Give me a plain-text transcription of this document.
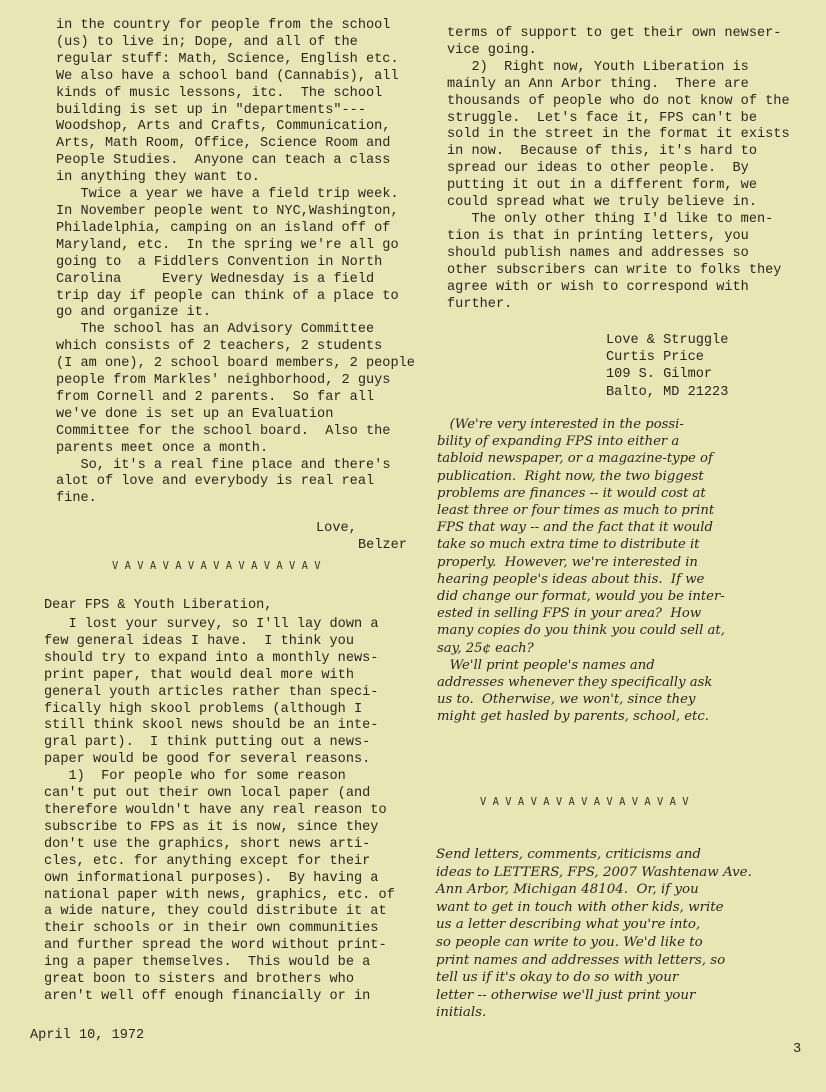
in the country for people from the school
(us) to live in; Dope, and all of the
regular stuff: Math, Science, English etc.
We also have a school band (Cannabis), all
kinds of music lessons, itc.  The school
building is set up in "departments"---
Woodshop, Arts and Crafts, Communication,
Arts, Math Room, Office, Science Room and
People Studies.  Anyone can teach a class
in anything they want to.
Twice a year we have a field trip week.
In November people went to NYC,Washington,
Philadelphia, camping on an island off of
Maryland, etc.  In the spring we're all go
going to  a Fiddlers Convention in North
Carolina     Every Wednesday is a field
trip day if people can think of a place to
go and organize it.
The school has an Advisory Committee
which consists of 2 teachers, 2 students
(I am one), 2 school board members, 2 people
people from Markles' neighborhood, 2 guys
from Cornell and 2 parents.  So far all
we've done is set up an Evaluation
Committee for the school board.  Also the
parents meet once a month.
So, it's a real fine place and there's
alot of love and everybody is real real
fine.

Love,
Belzer
V A V A V A V A V A V A V A V A V
Dear FPS & Youth Liberation,

I lost your survey, so I'll lay down a
few general ideas I have.  I think you
should try to expand into a monthly news-
print paper, that would deal more with
general youth articles rather than speci-
fically high skool problems (although I
still think skool news should be an inte-
gral part).  I think putting out a news-
paper would be good for several reasons.
1)  For people who for some reason
can't put out their own local paper (and
therefore wouldn't have any real reason to
subscribe to FPS as it is now, since they
don't use the graphics, short news arti-
cles, etc. for anything except for their
own informational purposes).  By having a
national paper with news, graphics, etc. of
a wide nature, they could distribute it at
their schools or in their own communities
and further spread the word without print-
ing a paper themselves.  This would be a
great boon to sisters and brothers who
aren't well off enough financially or in

April 10, 1972

terms of support to get their own newser-
vice going.
2)  Right now, Youth Liberation is
mainly an Ann Arbor thing.  There are
thousands of people who do not know of the
struggle.  Let's face it, FPS can't be
sold in the street in the format it exists
in now.  Because of this, it's hard to
spread our ideas to other people.  By
putting it out in a different form, we
could spread what we truly believe in.
The only other thing I'd like to men-
tion is that in printing letters, you
should publish names and addresses so
other subscribers can write to folks they
agree with or wish to correspond with
further.

Love & Struggle
Curtis Price
109 S. Gilmor
Balto, MD 21223

(We're very interested in the possi-
bility of expanding FPS into either a
tabloid newspaper, or a magazine-type of
publication.  Right now, the two biggest
problems are finances -- it would cost at
least three or four times as much to print
FPS that way -- and the fact that it would
take so much extra time to distribute it
properly.  However, we're interested in
hearing people's ideas about this.  If we
did change our format, would you be inter-
ested in selling FPS in your area?  How
many copies do you think you could sell at,
say, 25¢ each?
We'll print people's names and
addresses whenever they specifically ask
us to.  Otherwise, we won't, since they
might get hasled by parents, school, etc.

V A V A V A V A V A V A V A V A V

Send letters, comments, criticisms and
ideas to LETTERS, FPS, 2007 Washtenaw Ave.
Ann Arbor, Michigan 48104.  Or, if you
want to get in touch with other kids, write
us a letter describing what you're into,
so people can write to you. We'd like to
print names and addresses with letters, so
tell us if it's okay to do so with your
letter -- otherwise we'll just print your
initials.

3
